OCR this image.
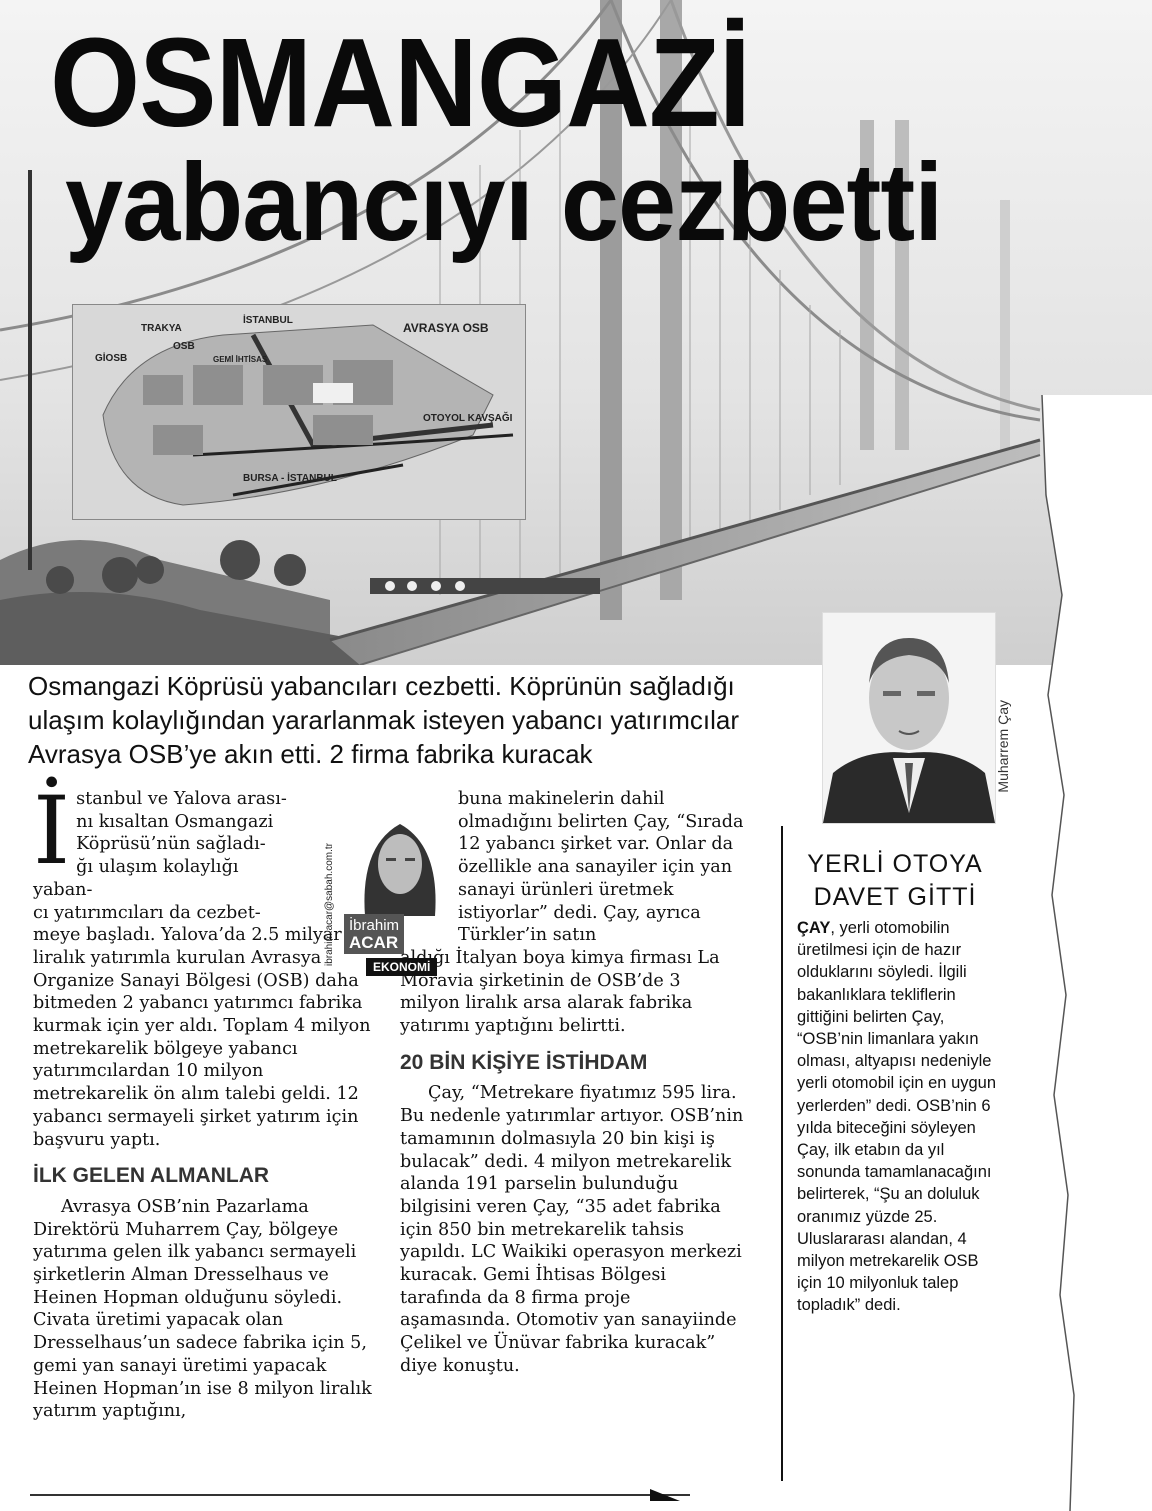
OSMANGAZİ
yabancıyı cezbetti
AVRASYA OSB
GİOSB
OSB
TRAKYA
İSTANBUL
OTOYOL KAVŞAĞI
BURSA - İSTANBUL
GEMİ İHTİSAS
Osmangazi Köprüsü yabancıları cezbetti. Köprünün sağladığı ulaşım kolaylığından yararlanmak isteyen yabancı yatırımcılar Avrasya OSB’ye akın etti. 2 firma fabrika kuracak	Muharrem Çay
YERLİ OTOYA
DAVET GİTTİ
ÇAY, yerli otomobilin üretilmesi için de hazır olduklarını söyledi. İlgili bakanlıklara tekliflerin gittiğini belirten Çay, “OSB’nin limanlara yakın olması, altyapısı nedeniyle yerli otomobil için en uygun yerlerden” dedi. OSB’nin 6 yılda biteceğini söyleyen Çay, ilk etabın da yıl sonunda tamamlanacağını belirterek, “Şu an doluluk oranımız yüzde 25. Uluslararası alandan, 4 milyon metrekarelik OSB için 10 milyonluk talep topladık” dedi.
ibrahim.acar@sabah.com.tr İbrahim
ACAR
EKONOMİ
İ stanbul ve Yalova arası-
nı kısaltan Osmangazi
Köprüsü’nün sağladı-
ğı ulaşım kolaylığı yaban-
cı yatırımcıları da cezbet-

meye başladı. Yalova’da 2.5 milyar liralık yatırımla kurulan Avrasya Organize Sanayi Bölgesi (OSB) daha bitmeden 2 yabancı yatırımcı fabrika kurmak için yer aldı. Toplam 4 milyon metrekarelik bölgeye yabancı yatırımcılardan 10 milyon metrekarelik ön alım talebi geldi. 12 yabancı sermayeli şirket yatırım için başvuru yaptı.

İLK GELEN ALMANLAR

Avrasya OSB’nin Pazarlama Direktörü Muharrem Çay, bölgeye yatırıma gelen ilk yabancı sermayeli şirketlerin Alman Dresselhaus ve Heinen Hopman olduğunu söyledi. Civata üretimi yapacak olan Dresselhaus’un sadece fabrika için 5, gemi yan sanayi üretimi yapacak Heinen Hopman’ın ise 8 milyon liralık yatırım yaptığını,

buna makinelerin dahil olmadığını belirten Çay, “Sırada 12 yabancı şirket var. Onlar da özellikle ana sanayiler için yan sanayi ürünleri üretmek istiyorlar” dedi. Çay, ayrıca Türkler’in satın

aldığı İtalyan boya kimya firması La Moravia şirketinin de OSB’de 3 milyon liralık arsa alarak fabrika yatırımı yaptığını belirtti.

20 BİN KİŞİYE İSTİHDAM

Çay, “Metrekare fiyatımız 595 lira. Bu nedenle yatırımlar artıyor. OSB’nin tamamının dolmasıyla 20 bin kişi iş bulacak” dedi. 4 milyon metrekarelik alanda 191 parselin bulunduğu bilgisini veren Çay, “35 adet fabrika için 850 bin metrekarelik tahsis yapıldı. LC Waikiki operasyon merkezi kuracak. Gemi İhtisas Bölgesi tarafında da 8 firma proje aşamasında. Otomotiv yan sanayiinde Çelikel ve Ünüvar fabrika kuracak” diye konuştu.
